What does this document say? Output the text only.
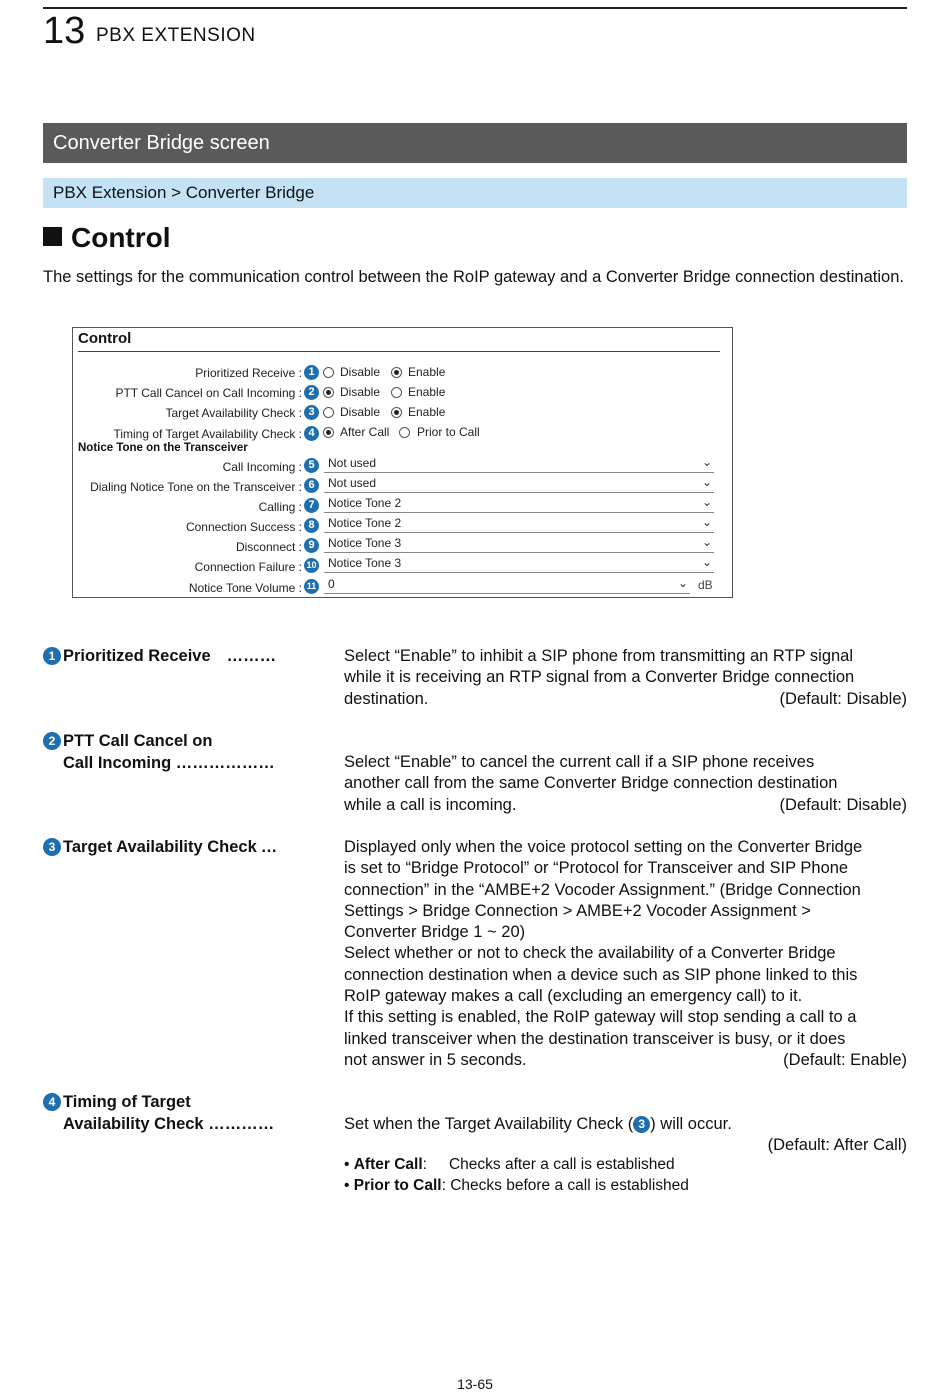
13 PBX EXTENSION
Converter Bridge screen
PBX Extension > Converter Bridge
Control
The settings for the communication control between the RoIP gateway and a Converter Bridge connection destination.
Control
Prioritized Receive : 1	Disable Enable
PTT Call Cancel on Call Incoming : 2	Disable Enable
Target Availability Check : 3	Disable Enable
Timing of Target Availability Check : 4	After Call Prior to Call
Notice Tone on the Transceiver
Call Incoming : 5	Not used	⌄
Dialing Notice Tone on the Transceiver : 6	Not used	⌄
Calling : 7	Notice Tone 2	⌄
Connection Success : 8	Notice Tone 2	⌄
Disconnect : 9	Notice Tone 3	⌄
Connection Failure : 10 Notice Tone 3	⌄
Notice Tone Volume : 11 0	⌄ dB
1 Prioritized Receive ………	Select “Enable” to inhibit a SIP phone from transmitting an RTP signal
while it is receiving an RTP signal from a Converter Bridge connection
destination.	(Default: Disable)
2 PTT Call Cancel on
Call Incoming ………………	Select “Enable” to cancel the current call if a SIP phone receives
another call from the same Converter Bridge connection destination
while a call is incoming.	(Default: Disable)
3 Target Availability Check …	Displayed only when the voice protocol setting on the Converter Bridge
is set to “Bridge Protocol” or “Protocol for Transceiver and SIP Phone
connection” in the “AMBE+2 Vocoder Assignment.” (Bridge Connection
Settings > Bridge Connection > AMBE+2 Vocoder Assignment >
Converter Bridge 1 ~ 20)
Select whether or not to check the availability of a Converter Bridge
connection destination when a device such as SIP phone linked to this
RoIP gateway makes a call (excluding an emergency call) to it.
If this setting is enabled, the RoIP gateway will stop sending a call to a
linked transceiver when the destination transceiver is busy, or it does
not answer in 5 seconds.	(Default: Enable)
4 Timing of Target
Availability Check …………	Set when the Target Availability Check ( 3 ) will occur.
(Default: After Call)
• After Call: Checks after a call is established
• Prior to Call: Checks before a call is established
13-65
